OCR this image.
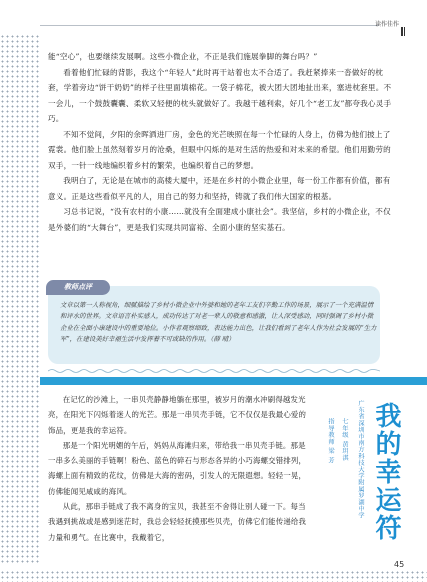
读作佳作

能“空心”，也要继续发展啊。这些小微企业，不正是我们施展拳脚的舞台吗？”

看着他们忙碌的背影，我这个“年轻人”此时再干站着也太不合适了。我赶紧捧来一沓做好的枕套，学着旁边“饼干奶奶”的样子往里面填棉花。一袋子棉花，被大团大团地扯出来，塞进枕套里。不一会儿，一个鼓鼓囊囊、柔软又轻便的枕头就做好了。我越干越利索，好几个“老工友”都夸我心灵手巧。

不知不觉间，夕阳的余晖洒进厂房，金色的光芒映照在每一个忙碌的人身上，仿佛为他们披上了霓裳。他们脸上虽然刻着岁月的沧桑，但眼中闪烁的是对生活的热爱和对未来的希望。他们用勤劳的双手，一针一线地编织着乡村的繁荣，也编织着自己的梦想。

我明白了，无论是在城市的高楼大厦中，还是在乡村的小微企业里，每一份工作都有价值，都有意义。正是这些看似平凡的人，用自己的努力和坚持，铸就了我们伟大国家的根基。

习总书记说，“没有农村的小康……就没有全面建成小康社会”。我坚信，乡村的小微企业，不仅是外婆们的“大舞台”，更是我们实现共同富裕、全面小康的坚实基石。

教师点评
文章以第一人称视角，细腻描绘了乡村小微企业中外婆和她的老年工友们辛勤工作的场景，展示了一个充满温情和评水的世界。文章语言朴实感人，成功传达了对老一辈人的敬意和感激，让人深受感动，同时强调了乡村小微企业在全面小康建设中的重要地位。小作者观察细致，表达能力出色，让我们看到了老年人作为社会发展的“生力军”，在建设美好幸福生活中发挥着不可或缺的作用。（薛 晴）

在记忆的沙滩上，一串贝壳静静地躺在那里，被岁月的潮水冲刷得越发光亮，在阳光下闪烁着迷人的光芒。那是一串贝壳手链，它不仅仅是我最心爱的饰品，更是我的幸运符。

那是一个阳光明媚的午后，妈妈从海滩归来，带给我一串贝壳手链。那是一串多么美丽的手链啊！粉色、蓝色的碎石与形态各异的小巧海螺交错排列，海螺上面有精致的花纹，仿佛是大海的密码，引发人的无限遐想。轻轻一晃，仿佛能闻见咸咸的海风。

从此，那串手链成了我不离身的宝贝，我甚至不舍得让别人碰一下。每当我遇到挑战或是感到迷茫时，我总会轻轻抚摸那些贝壳，仿佛它们能传递给我力量和勇气。在比赛中，我戴着它，	我的幸运符
广东省深圳市南方科技大学附属罗湖中学
七年级 黄玥淇
指导教师 梁 芳
45
